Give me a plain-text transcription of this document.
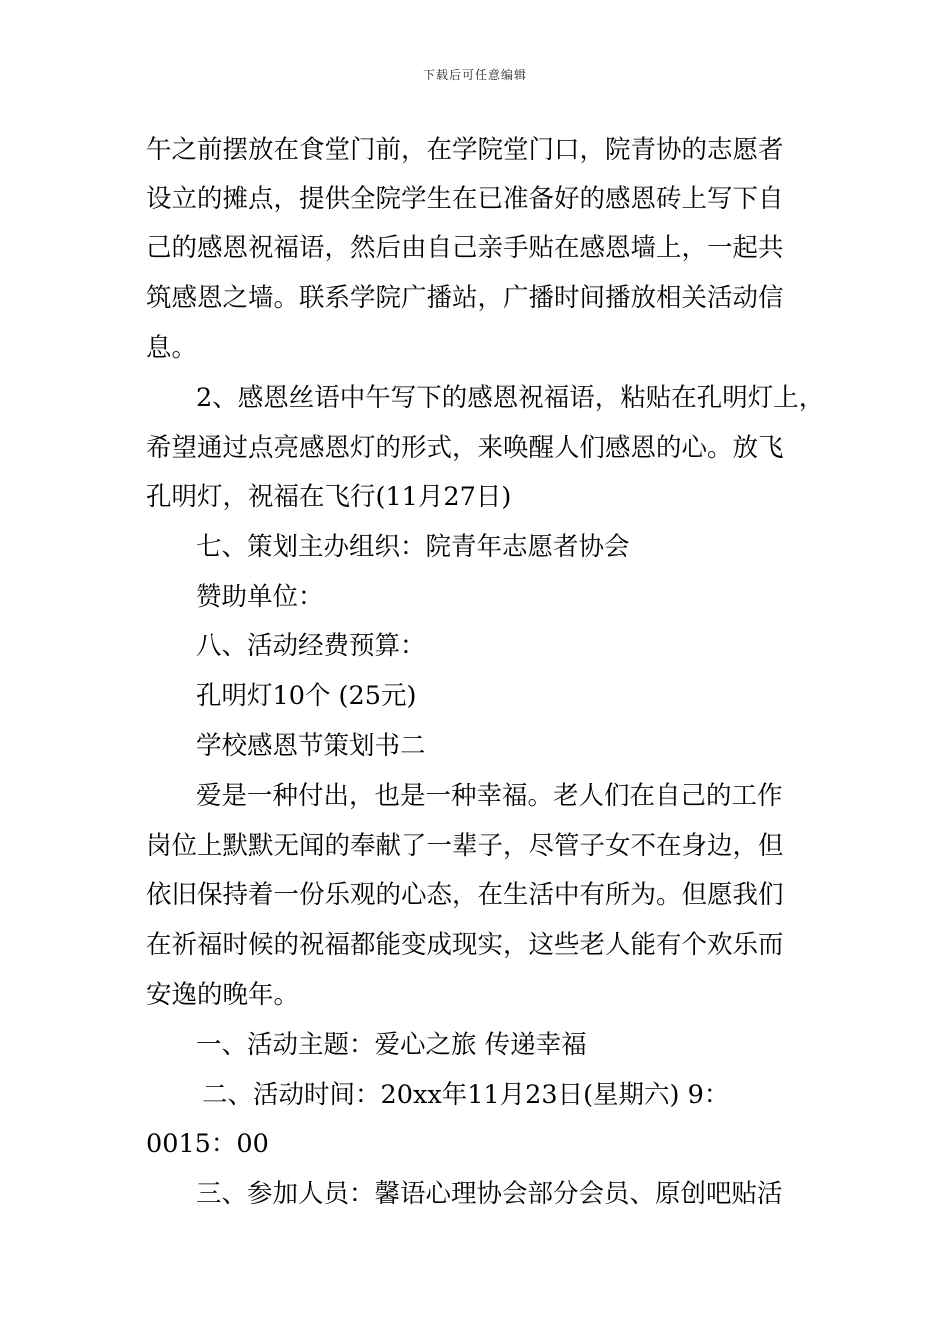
下载后可任意编辑
午之前摆放在食堂门前，在学院堂门口，院青协的志愿者
设立的摊点，提供全院学生在已准备好的感恩砖上写下自
己的感恩祝福语，然后由自己亲手贴在感恩墙上，一起共
筑感恩之墙。联系学院广播站，广播时间播放相关活动信
息。
2、感恩丝语中午写下的感恩祝福语，粘贴在孔明灯上，
希望通过点亮感恩灯的形式，来唤醒人们感恩的心。放飞
孔明灯，祝福在飞行(11月27日)
七、策划主办组织：院青年志愿者协会
赞助单位：
八、活动经费预算：
孔明灯10个 (25元)
学校感恩节策划书二
爱是一种付出，也是一种幸福。老人们在自己的工作
岗位上默默无闻的奉献了一辈子，尽管子女不在身边，但
依旧保持着一份乐观的心态，在生活中有所为。但愿我们
在祈福时候的祝福都能变成现实，这些老人能有个欢乐而
安逸的晚年。
一、活动主题：爱心之旅 传递幸福
二、活动时间：20xx年11月23日(星期六) 9：
0015：00
三、参加人员：馨语心理协会部分会员、原创吧贴活
